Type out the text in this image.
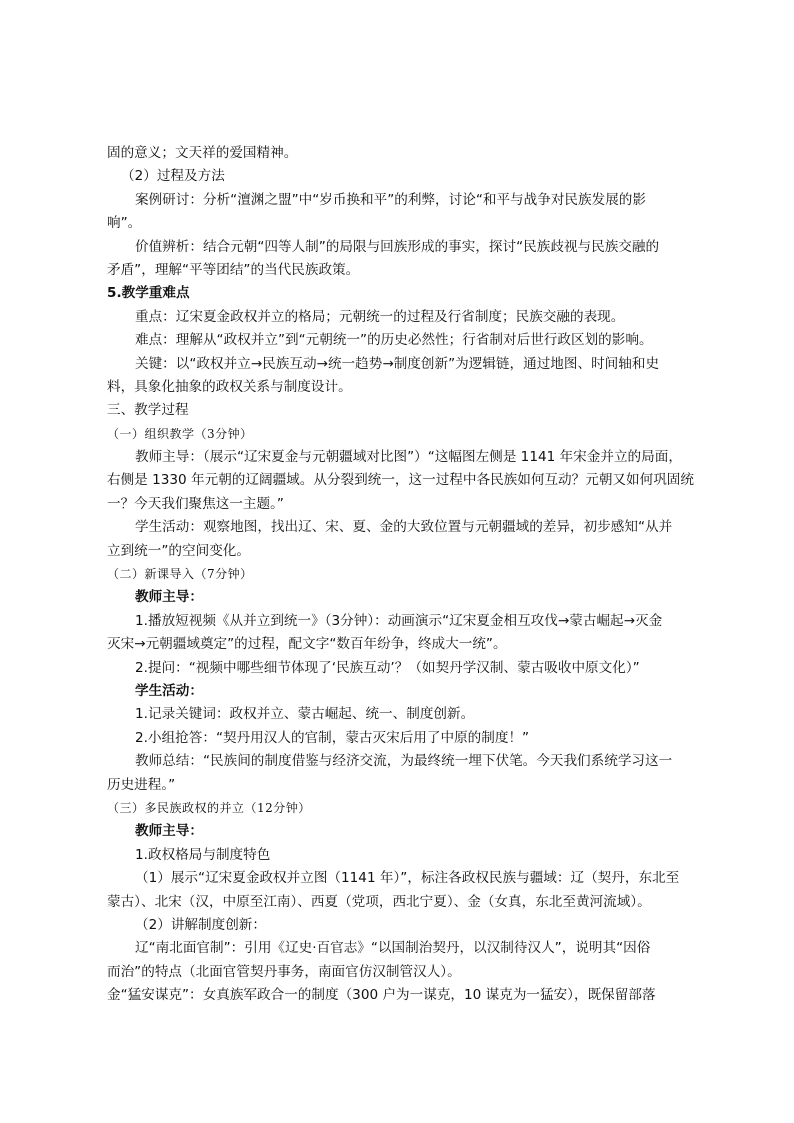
固的意义；文天祥的爱国精神。
（2）过程及方法
案例研讨：分析“澶渊之盟”中“岁币换和平”的利弊，讨论“和平与战争对民族发展的影
响”。
价值辨析：结合元朝“四等人制”的局限与回族形成的事实，探讨“民族歧视与民族交融的
矛盾”，理解“平等团结”的当代民族政策。
5.教学重难点
重点：辽宋夏金政权并立的格局；元朝统一的过程及行省制度；民族交融的表现。
难点：理解从“政权并立”到“元朝统一”的历史必然性；行省制对后世行政区划的影响。
关键：以“政权并立→民族互动→统一趋势→制度创新”为逻辑链，通过地图、时间轴和史
料，具象化抽象的政权关系与制度设计。
三、教学过程
（一）组织教学（3分钟）
教师主导：（展示“辽宋夏金与元朝疆域对比图”）“这幅图左侧是 1141 年宋金并立的局面，
右侧是 1330 年元朝的辽阔疆域。从分裂到统一，这一过程中各民族如何互动？元朝又如何巩固统
一？今天我们聚焦这一主题。”
学生活动：观察地图，找出辽、宋、夏、金的大致位置与元朝疆域的差异，初步感知“从并
立到统一”的空间变化。
（二）新课导入（7分钟）
教师主导：
1.播放短视频《从并立到统一》（3分钟）：动画演示“辽宋夏金相互攻伐→蒙古崛起→灭金
灭宋→元朝疆域奠定”的过程，配文字“数百年纷争，终成大一统”。
2.提问：“视频中哪些细节体现了‘民族互动’？（如契丹学汉制、蒙古吸收中原文化）”
学生活动：
1.记录关键词：政权并立、蒙古崛起、统一、制度创新。
2.小组抢答：“契丹用汉人的官制，蒙古灭宋后用了中原的制度！”
教师总结：“民族间的制度借鉴与经济交流，为最终统一埋下伏笔。今天我们系统学习这一
历史进程。”
（三）多民族政权的并立（12分钟）
教师主导：
1.政权格局与制度特色
（1）展示“辽宋夏金政权并立图（1141 年）”，标注各政权民族与疆域：辽（契丹，东北至
蒙古）、北宋（汉，中原至江南）、西夏（党项，西北宁夏）、金（女真，东北至黄河流域）。
（2）讲解制度创新：
辽“南北面官制”：引用《辽史·百官志》“以国制治契丹，以汉制待汉人”，说明其“因俗
而治”的特点（北面官管契丹事务，南面官仿汉制管汉人）。
金“猛安谋克”：女真族军政合一的制度（300 户为一谋克，10 谋克为一猛安），既保留部落
